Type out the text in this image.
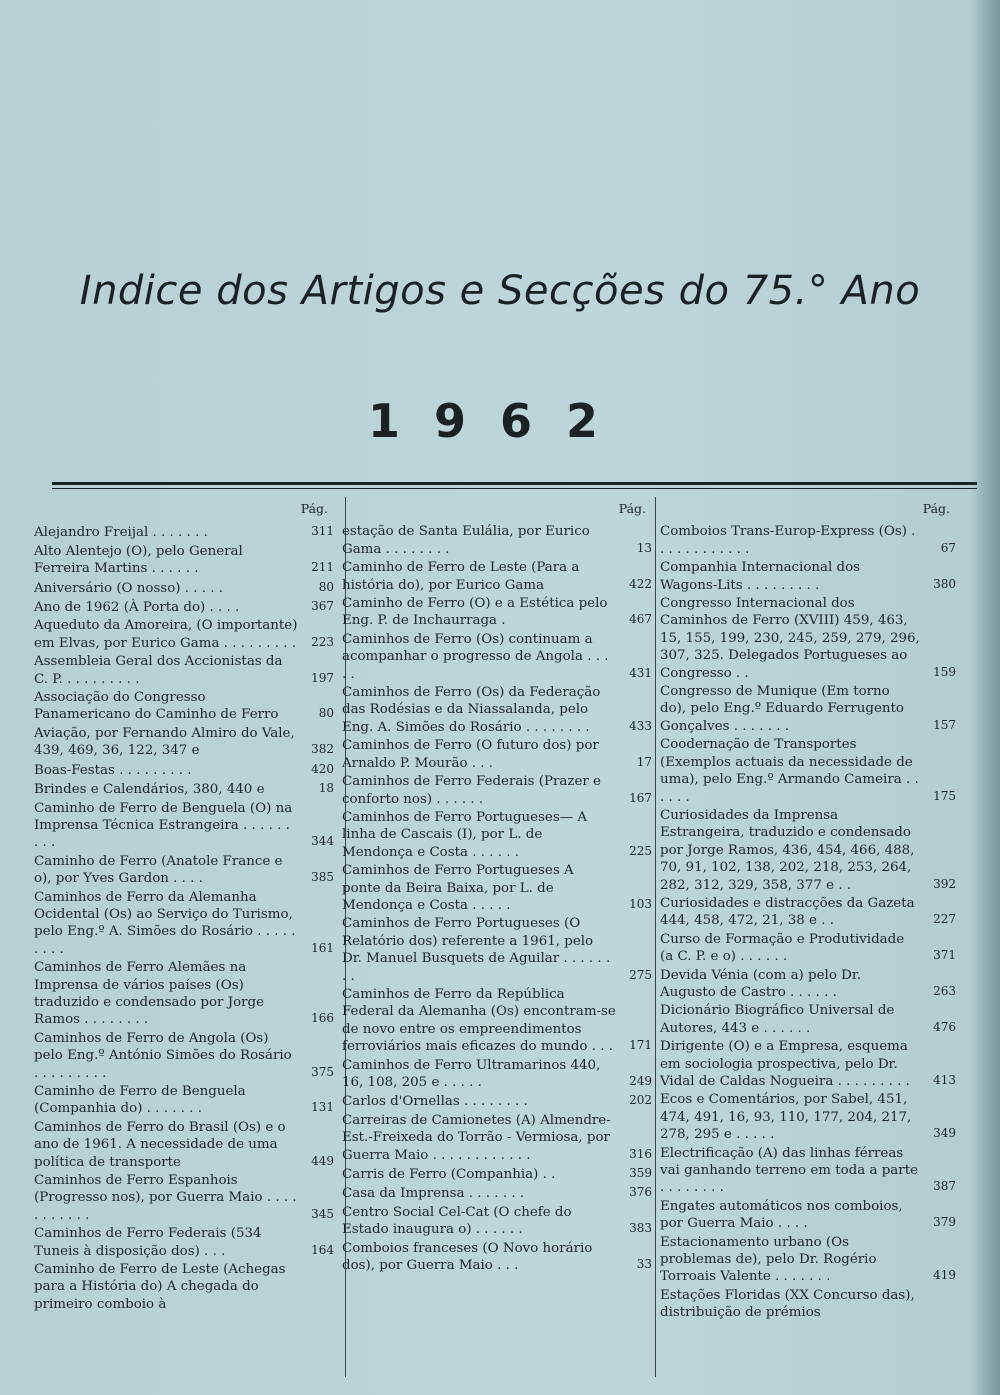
Indice dos Artigos e Secções do 75.° Ano
1962
Pág.
Alejandro Freijal . . . . . . .	311
Alto Alentejo (O), pelo General Ferreira Martins . . . . . .	211
Aniversário (O nosso) . . . . .	80
Ano de 1962 (À Porta do) . . . .	367
Aqueduto da Amoreira, (O importante) em Elvas, por Eurico Gama . . . . . . . . .	223
Assembleia Geral dos Accionistas da C. P. . . . . . . . . .	197
Associação do Congresso Panamericano do Caminho de Ferro	80
Aviação, por Fernando Almiro do Vale, 439, 469, 36, 122, 347 e	382
Boas-Festas . . . . . . . . .	420
Brindes e Calendários, 380, 440 e	18
Caminho de Ferro de Benguela (O) na Imprensa Técnica Estrangeira . . . . . . . . .	344
Caminho de Ferro (Anatole France e o), por Yves Gardon . . . .	385
Caminhos de Ferro da Alemanha Ocidental (Os) ao Serviço do Turismo, pelo Eng.º A. Simões do Rosário . . . . . . . . .	161
Caminhos de Ferro Alemães na Imprensa de vários países (Os) traduzido e condensado por Jorge Ramos . . . . . . . .	166
Caminhos de Ferro de Angola (Os) pelo Eng.º António Simões do Rosário . . . . . . . . .	375
Caminho de Ferro de Benguela (Companhia do) . . . . . . .	131
Caminhos de Ferro do Brasil (Os) e o ano de 1961. A necessidade de uma política de transporte	449
Caminhos de Ferro Espanhois (Progresso nos), por Guerra Maio . . . . . . . . . . .	345
Caminhos de Ferro Federais (534 Tuneis à disposição dos) . . .	164
Caminho de Ferro de Leste (Achegas para a História do) A chegada do primeiro comboio à
Pág.
estação de Santa Eulália, por Eurico Gama . . . . . . . .	13
Caminho de Ferro de Leste (Para a história do), por Eurico Gama	422
Caminho de Ferro (O) e a Estética pelo Eng. P. de Inchaurraga .	467
Caminhos de Ferro (Os) continuam a acompanhar o progresso de Angola . . . . .	431
Caminhos de Ferro (Os) da Federação das Rodésias e da Niassalanda, pelo Eng. A. Simões do Rosário . . . . . . . .	433
Caminhos de Ferro (O futuro dos) por Arnaldo P. Mourão . . .	17
Caminhos de Ferro Federais (Prazer e conforto nos) . . . . . .	167
Caminhos de Ferro Portugueses— A linha de Cascais (I), por L. de Mendonça e Costa . . . . . .	225
Caminhos de Ferro Portugueses A ponte da Beira Baixa, por L. de Mendonça e Costa . . . . .	103
Caminhos de Ferro Portugueses (O Relatório dos) referente a 1961, pelo Dr. Manuel Busquets de Aguilar . . . . . . . .	275
Caminhos de Ferro da República Federal da Alemanha (Os) encontram-se de novo entre os empreendimentos ferroviários mais eficazes do mundo . . .	171
Caminhos de Ferro Ultramarinos 440, 16, 108, 205 e . . . . .	249
Carlos d'Ornellas . . . . . . . .	202
Carreiras de Camionetes (A) Almendre-Est.-Freixeda do Torrão - Vermiosa, por Guerra Maio . . . . . . . . . . . .	316
Carris de Ferro (Companhia) . .	359
Casa da Imprensa . . . . . . .	376
Centro Social Cel-Cat (O chefe do Estado inaugura o) . . . . . .	383
Comboios franceses (O Novo horário dos), por Guerra Maio . . .	33
Pág.
Comboios Trans-Europ-Express (Os) . . . . . . . . . . . .	67
Companhia Internacional dos Wagons-Lits . . . . . . . . .	380
Congresso Internacional dos Caminhos de Ferro (XVIII) 459, 463, 15, 155, 199, 230, 245, 259, 279, 296, 307, 325. Delegados Portugueses ao Congresso . .	159
Congresso de Munique (Em torno do), pelo Eng.º Eduardo Ferrugento Gonçalves . . . . . . .	157
Coodernação de Transportes (Exemplos actuais da necessidade de uma), pelo Eng.º Armando Cameira . . . . . .	175
Curiosidades da Imprensa Estrangeira, traduzido e condensado por Jorge Ramos, 436, 454, 466, 488, 70, 91, 102, 138, 202, 218, 253, 264, 282, 312, 329, 358, 377 e . .	392
Curiosidades e distracções da Gazeta 444, 458, 472, 21, 38 e . .	227
Curso de Formação e Produtividade (a C. P. e o) . . . . . .	371
Devida Vénia (com a) pelo Dr. Augusto de Castro . . . . . .	263
Dicionário Biográfico Universal de Autores, 443 e . . . . . .	476
Dirigente (O) e a Empresa, esquema em sociologia prospectiva, pelo Dr. Vidal de Caldas Nogueira . . . . . . . . .	413
Ecos e Comentários, por Sabel, 451, 474, 491, 16, 93, 110, 177, 204, 217, 278, 295 e . . . . .	349
Electrificação (A) das linhas férreas vai ganhando terreno em toda a parte . . . . . . . .	387
Engates automáticos nos comboios, por Guerra Maio . . . .	379
Estacionamento urbano (Os problemas de), pelo Dr. Rogério Torroais Valente . . . . . . .	419
Estações Floridas (XX Concurso das), distribuição de prémios
